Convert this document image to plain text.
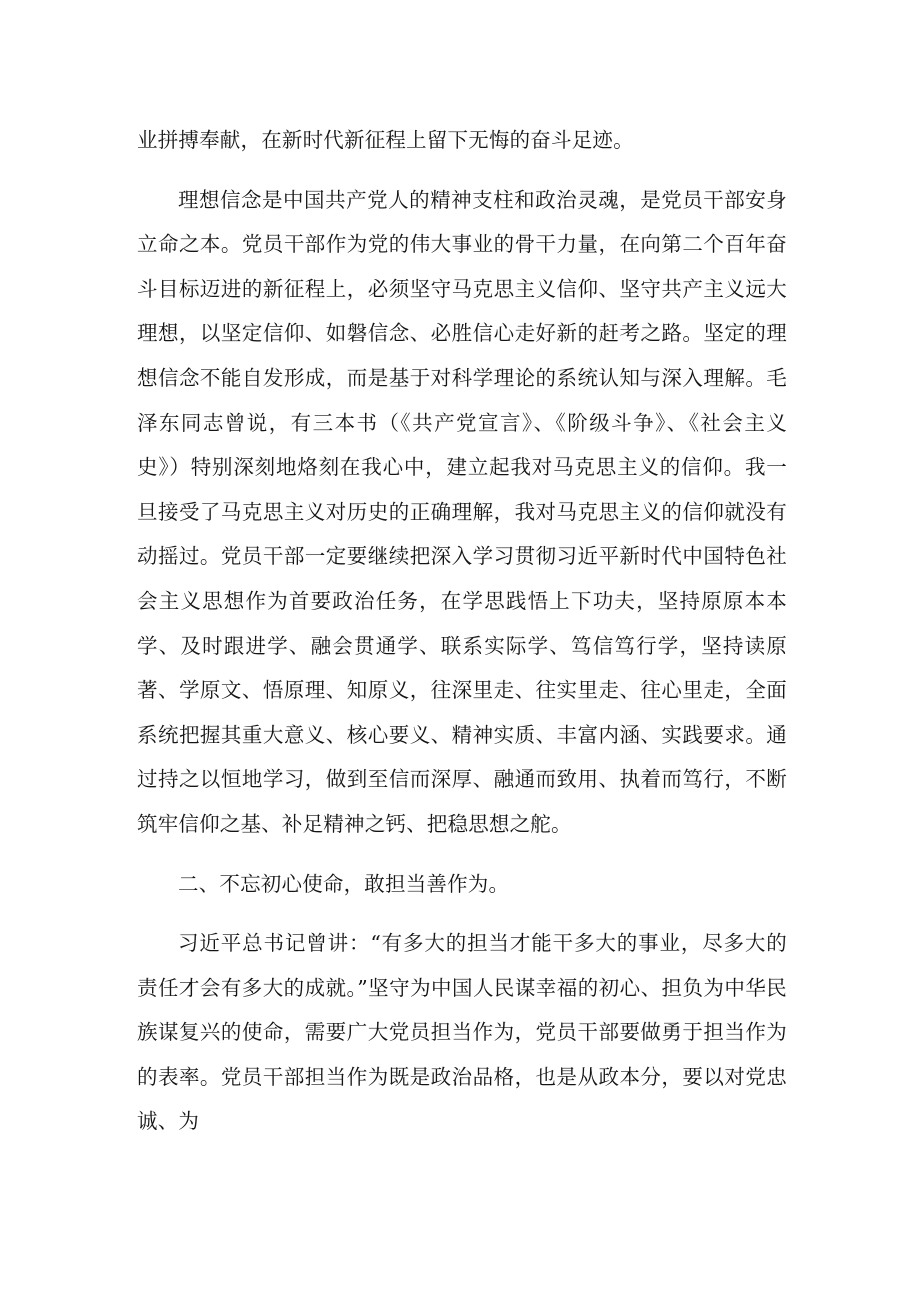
业拼搏奉献，在新时代新征程上留下无悔的奋斗足迹。

理想信念是中国共产党人的精神支柱和政治灵魂，是党员干部安身立命之本。党员干部作为党的伟大事业的骨干力量，在向第二个百年奋斗目标迈进的新征程上，必须坚守马克思主义信仰、坚守共产主义远大理想，以坚定信仰、如磐信念、必胜信心走好新的赶考之路。坚定的理想信念不能自发形成，而是基于对科学理论的系统认知与深入理解。毛泽东同志曾说，有三本书（《共产党宣言》、《阶级斗争》、《社会主义史》）特别深刻地烙刻在我心中，建立起我对马克思主义的信仰。我一旦接受了马克思主义对历史的正确理解，我对马克思主义的信仰就没有动摇过。党员干部一定要继续把深入学习贯彻习近平新时代中国特色社会主义思想作为首要政治任务，在学思践悟上下功夫，坚持原原本本学、及时跟进学、融会贯通学、联系实际学、笃信笃行学，坚持读原著、学原文、悟原理、知原义，往深里走、往实里走、往心里走，全面系统把握其重大意义、核心要义、精神实质、丰富内涵、实践要求。通过持之以恒地学习，做到至信而深厚、融通而致用、执着而笃行，不断筑牢信仰之基、补足精神之钙、把稳思想之舵。

二、不忘初心使命，敢担当善作为。

习近平总书记曾讲：“有多大的担当才能干多大的事业，尽多大的责任才会有多大的成就。”坚守为中国人民谋幸福的初心、担负为中华民族谋复兴的使命，需要广大党员担当作为，党员干部要做勇于担当作为的表率。党员干部担当作为既是政治品格，也是从政本分，要以对党忠诚、为
